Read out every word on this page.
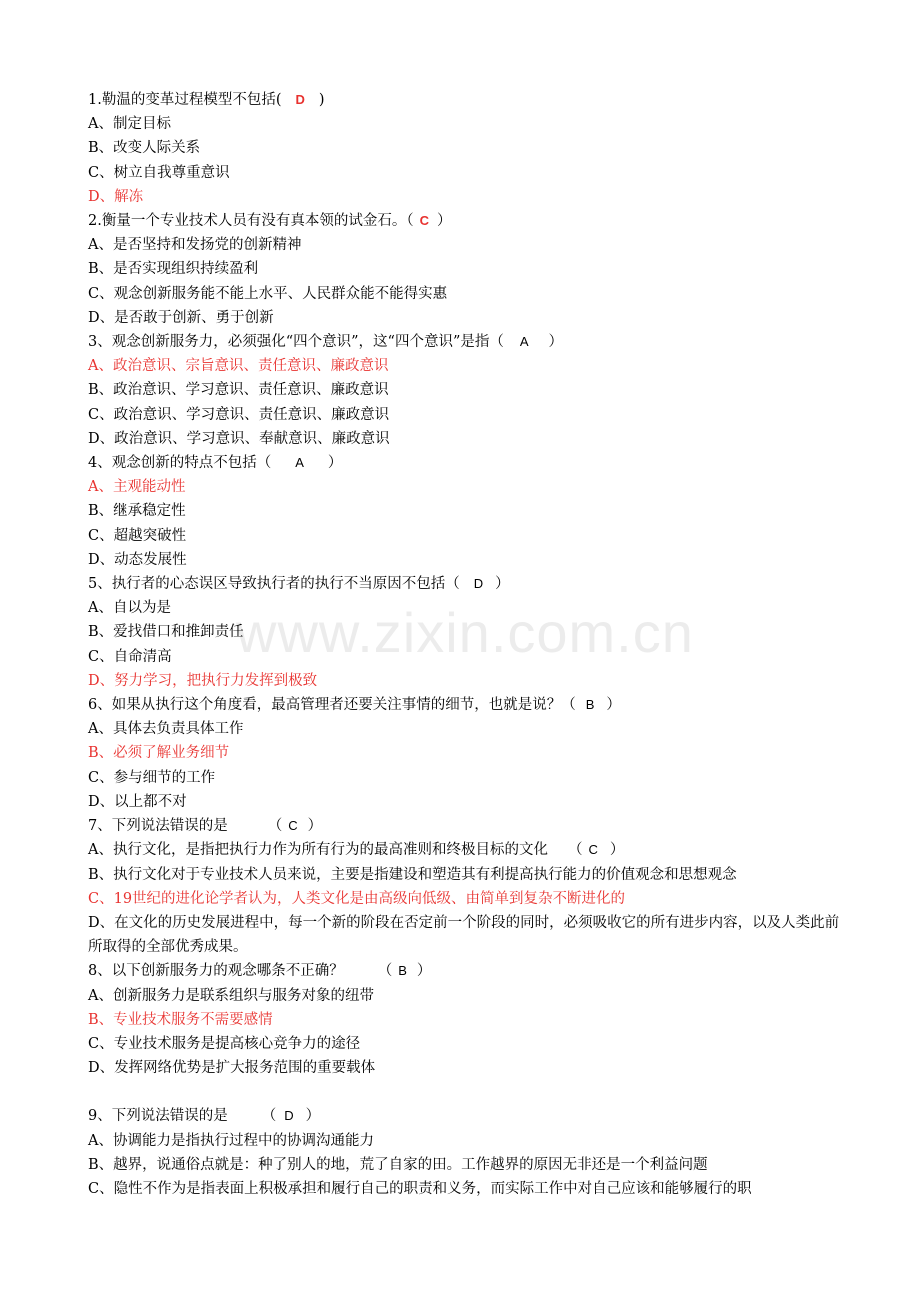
www.zixin.com.cn
1.勒温的变革过程模型不包括( D )
A、制定目标
B、改变人际关系
C、树立自我尊重意识
D、解冻
2.衡量一个专业技术人员有没有真本领的试金石。（ C ）
A、是否坚持和发扬党的创新精神
B、是否实现组织持续盈利
C、观念创新服务能不能上水平、人民群众能不能得实惠
D、是否敢于创新、勇于创新
3、观念创新服务力，必须强化“四个意识”，这“四个意识”是指（ A ）
A、政治意识、宗旨意识、责任意识、廉政意识
B、政治意识、学习意识、责任意识、廉政意识
C、政治意识、学习意识、责任意识、廉政意识
D、政治意识、学习意识、奉献意识、廉政意识
4、观念创新的特点不包括（ A ）
A、主观能动性
B、继承稳定性
C、超越突破性
D、动态发展性
5、执行者的心态误区导致执行者的执行不当原因不包括（ D ）
A、自以为是
B、爱找借口和推卸责任
C、自命清高
D、努力学习，把执行力发挥到极致
6、如果从执行这个角度看，最高管理者还要关注事情的细节，也就是说？（ B ）
A、具体去负责具体工作
B、必须了解业务细节
C、参与细节的工作
D、以上都不对
7、下列说法错误的是	（ C ）
A、执行文化，是指把执行力作为所有行为的最高准则和终极目标的文化 （ C ）
B、执行文化对于专业技术人员来说，主要是指建设和塑造其有利提高执行能力的价值观念和思想观念
C、19世纪的进化论学者认为，人类文化是由高级向低级、由简单到复杂不断进化的
D、在文化的历史发展进程中，每一个新的阶段在否定前一个阶段的同时，必须吸收它的所有进步内容，以及人类此前所取得的全部优秀成果。
8、以下创新服务力的观念哪条不正确？ （ B ）
A、创新服务力是联系组织与服务对象的纽带
B、专业技术服务不需要感情
C、专业技术服务是提高核心竞争力的途径
D、发挥网络优势是扩大报务范围的重要载体
9、下列说法错误的是 （ D ）
A、协调能力是指执行过程中的协调沟通能力
B、越界，说通俗点就是：种了别人的地，荒了自家的田。工作越界的原因无非还是一个利益问题
C、隐性不作为是指表面上积极承担和履行自己的职责和义务，而实际工作中对自己应该和能够履行的职
